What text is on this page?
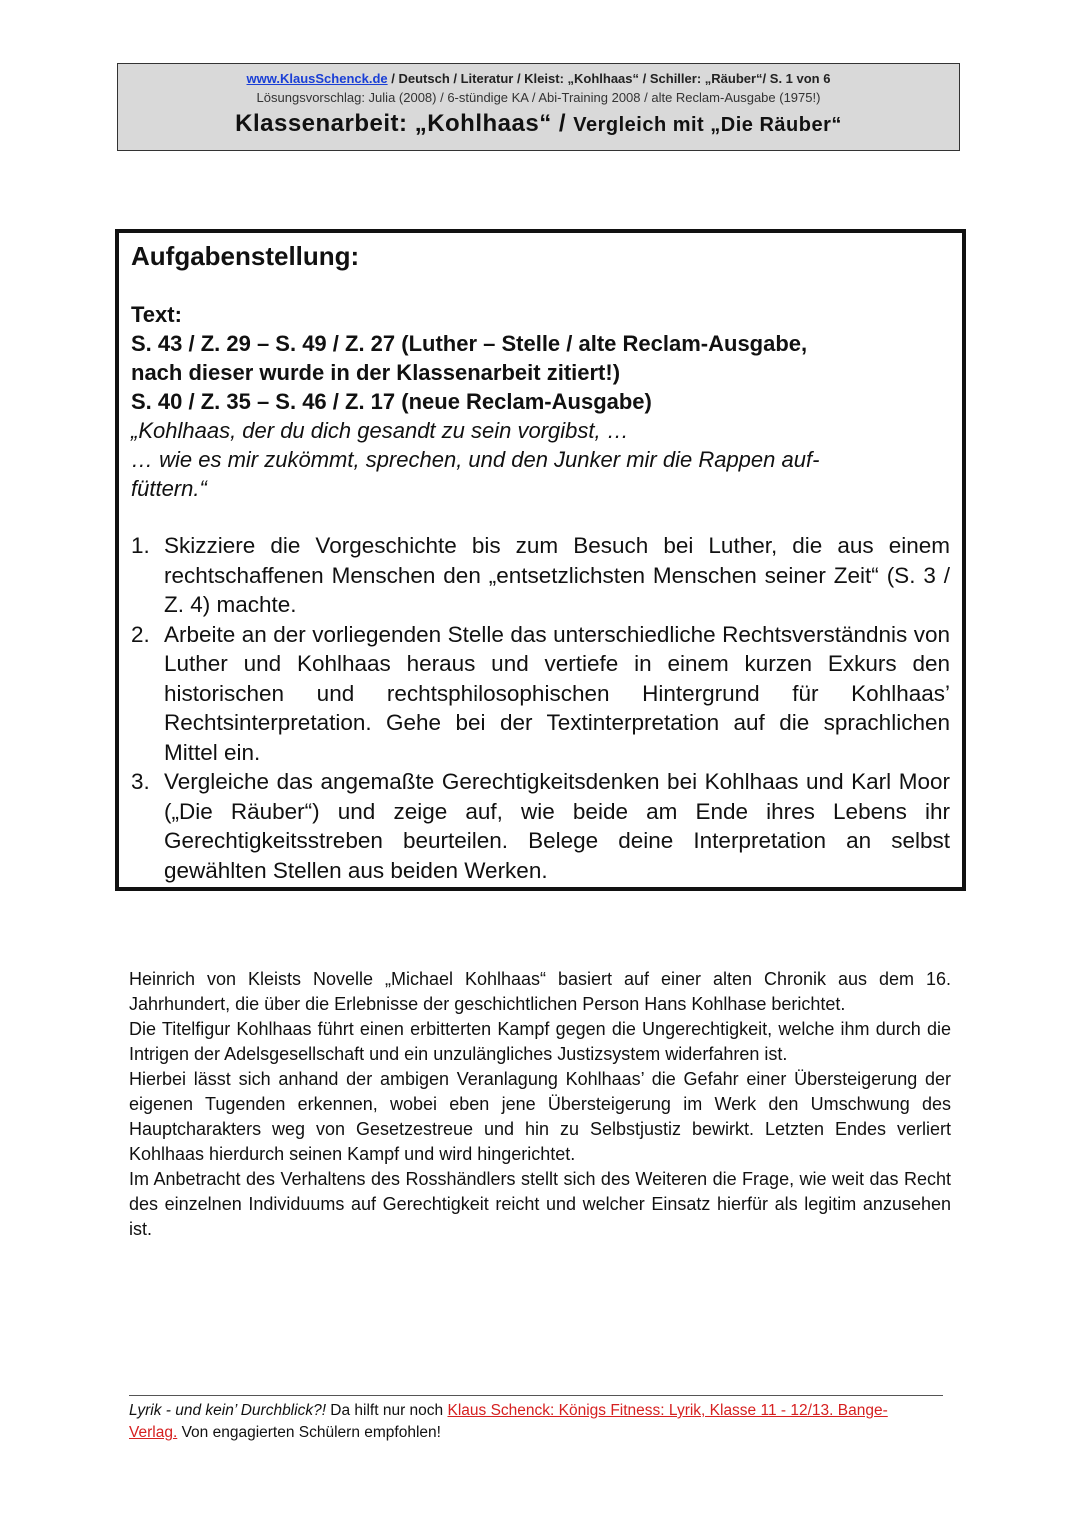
www.KlausSchenck.de / Deutsch / Literatur / Kleist: „Kohlhaas“ / Schiller: „Räuber“/ S. 1 von 6
Lösungsvorschlag: Julia (2008) / 6-stündige KA / Abi-Training 2008 / alte Reclam-Ausgabe (1975!)
Klassenarbeit: „Kohlhaas“ / Vergleich mit „Die Räuber“
Aufgabenstellung:
Text:
S. 43 / Z. 29 – S. 49 / Z. 27 (Luther – Stelle / alte Reclam-Ausgabe,
nach dieser wurde in der Klassenarbeit zitiert!)
S. 40 / Z. 35 – S. 46 / Z. 17 (neue Reclam-Ausgabe)
„Kohlhaas, der du dich gesandt zu sein vorgibst, …
… wie es mir zukömmt, sprechen, und den Junker mir die Rappen auf-
füttern.“
1. Skizziere die Vorgeschichte bis zum Besuch bei Luther, die aus einem rechtschaffenen Menschen den „entsetzlichsten Menschen seiner Zeit“ (S. 3 / Z. 4) machte.
2. Arbeite an der vorliegenden Stelle das unterschiedliche Rechtsverständnis von Luther und Kohlhaas heraus und vertiefe in einem kurzen Exkurs den historischen und rechtsphilosophischen Hintergrund für Kohlhaas’ Rechtsinterpretation. Gehe bei der Textinterpretation auf die sprachlichen Mittel ein.
3. Vergleiche das angemaßte Gerechtigkeitsdenken bei Kohlhaas und Karl Moor („Die Räuber“) und zeige auf, wie beide am Ende ihres Lebens ihr Gerechtigkeitsstreben beurteilen. Belege deine Interpretation an selbst gewählten Stellen aus beiden Werken.

Heinrich von Kleists Novelle „Michael Kohlhaas“ basiert auf einer alten Chronik aus dem 16. Jahrhundert, die über die Erlebnisse der geschichtlichen Person Hans Kohlhase berichtet.

Die Titelfigur Kohlhaas führt einen erbitterten Kampf gegen die Ungerechtigkeit, welche ihm durch die Intrigen der Adelsgesellschaft und ein unzulängliches Justizsystem widerfahren ist.

Hierbei lässt sich anhand der ambigen Veranlagung Kohlhaas’ die Gefahr einer Übersteigerung der eigenen Tugenden erkennen, wobei eben jene Übersteigerung im Werk den Umschwung des Hauptcharakters weg von Gesetzestreue und hin zu Selbstjustiz bewirkt. Letzten Endes verliert Kohlhaas hierdurch seinen Kampf und wird hingerichtet.

Im Anbetracht des Verhaltens des Rosshändlers stellt sich des Weiteren die Frage, wie weit das Recht des einzelnen Individuums auf Gerechtigkeit reicht und welcher Einsatz hierfür als legitim anzusehen ist.

Lyrik - und kein’ Durchblick?! Da hilft nur noch Klaus Schenck: Königs Fitness: Lyrik, Klasse 11 - 12/13. Bange-Verlag. Von engagierten Schülern empfohlen!
